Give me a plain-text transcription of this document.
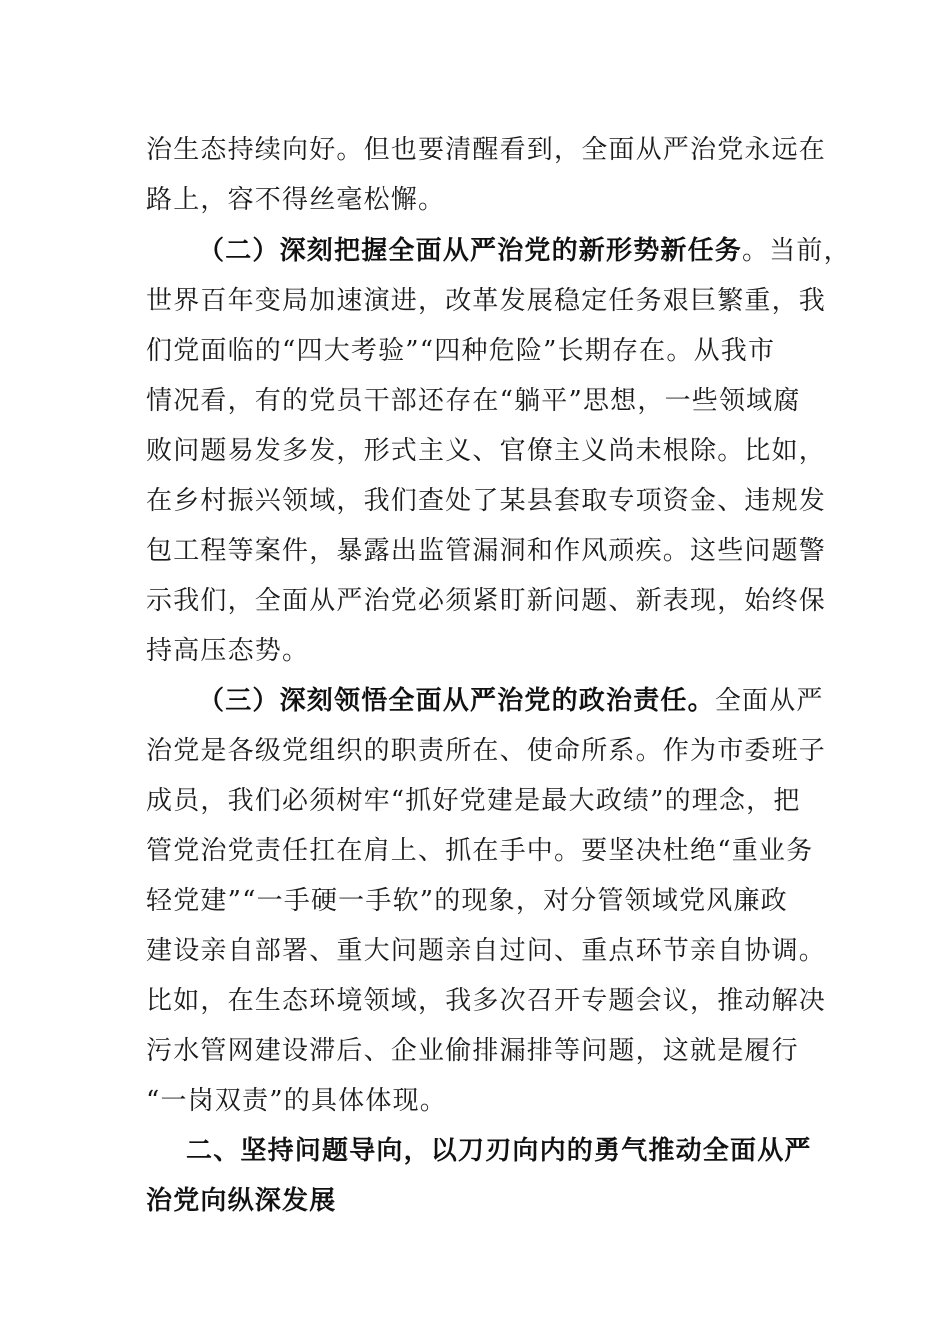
治生态持续向好。但也要清醒看到，全面从严治党永远在
路上，容不得丝毫松懈。
（二）深刻把握全面从严治党的新形势新任务。当前，
世界百年变局加速演进，改革发展稳定任务艰巨繁重，我
们党面临的“四大考验”“四种危险”长期存在。从我市
情况看，有的党员干部还存在“躺平”思想，一些领域腐
败问题易发多发，形式主义、官僚主义尚未根除。比如，
在乡村振兴领域，我们查处了某县套取专项资金、违规发
包工程等案件，暴露出监管漏洞和作风顽疾。这些问题警
示我们，全面从严治党必须紧盯新问题、新表现，始终保
持高压态势。
（三）深刻领悟全面从严治党的政治责任。全面从严
治党是各级党组织的职责所在、使命所系。作为市委班子
成员，我们必须树牢“抓好党建是最大政绩”的理念，把
管党治党责任扛在肩上、抓在手中。要坚决杜绝“重业务
轻党建”“一手硬一手软”的现象，对分管领域党风廉政
建设亲自部署、重大问题亲自过问、重点环节亲自协调。
比如，在生态环境领域，我多次召开专题会议，推动解决
污水管网建设滞后、企业偷排漏排等问题，这就是履行
“一岗双责”的具体体现。
二、坚持问题导向，以刀刃向内的勇气推动全面从严
治党向纵深发展
